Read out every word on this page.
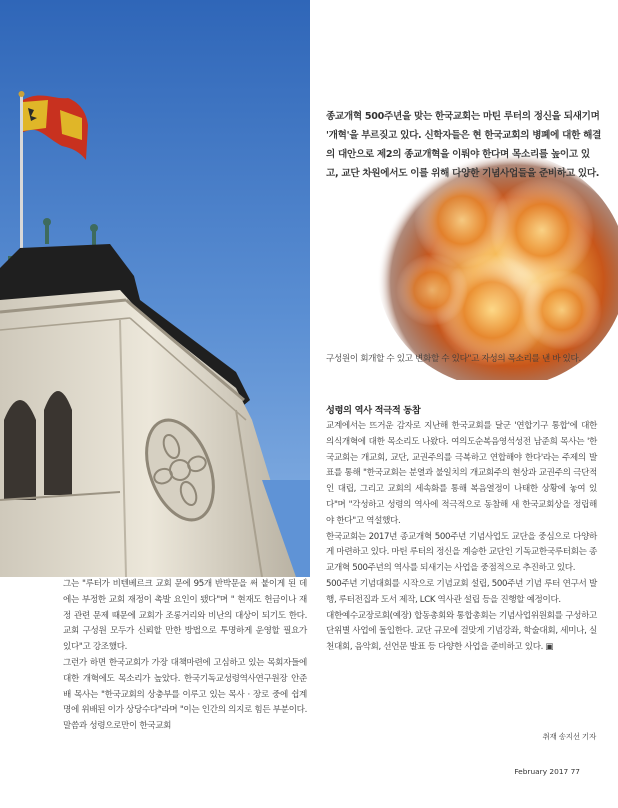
종교개혁 500주년을 맞는 한국교회는 마틴 루터의 정신을 되새기며 '개혁'을 부르짖고 있다. 신학자들은 현 한국교회의 병폐에 대한 해결의 대안으로 제2의 종교개혁을 이뤄야 한다며 목소리를 높이고 있고, 교단 차원에서도 이를 위해 다양한 기념사업들을 준비하고 있다.

그는 "루터가 비텐베르크 교회 문에 95개 반박문을 써 붙이게 된 데에는 부정한 교회 재정이 촉발 요인이 됐다"며 " 현재도 헌금이나 재정 관련 문제 때문에 교회가 조롱거리와 비난의 대상이 되기도 한다. 교회 구성원 모두가 신뢰할 만한 방법으로 투명하게 운영할 필요가 있다"고 강조했다.

그런가 하면 한국교회가 가장 대책마련에 고심하고 있는 목회자들에 대한 개혁에도 목소리가 높았다. 한국기독교성령역사연구원장 안준배 목사는 "한국교회의 상충부를 이루고 있는 목사 · 장로 중에 쉽계명에 위배된 이가 상당수다"라며 "이는 인간의 의지로 힘든 부분이다. 말씀과 성령으로만이 한국교회

구성원이 회개할 수 있고 변화할 수 있다"고 자성의 목소리를 낸 바 있다.

성령의 역사 적극적 동참

교계에서는 뜨거운 감자로 지난해 한국교회를 달군 '연합기구 통합'에 대한 의식개혁에 대한 목소리도 나왔다. 여의도순복음영석성전 남준희 목사는 '한국교회는 개교회, 교단, 교권주의를 극복하고 연합해야 한다'라는 주제의 발표를 통해 "한국교회는 분열과 불일치의 개교회주의 현상과 교권주의 극단적인 대립, 그리고 교회의 세속화를 통해 복음열정이 나태한 상황에 놓여 있다"며 "각성하고 성령의 역사에 적극적으로 동참해 새 한국교회상을 정립해야 한다"고 역설했다.

한국교회는 2017년 종교개혁 500주년 기념사업도 교단을 중심으로 다양하게 마련하고 있다. 마틴 루터의 정신을 계승한 교단인 기독교한국루터회는 종교개혁 500주년의 역사를 되새기는 사업을 중점적으로 추진하고 있다.

500주년 기념대회를 시작으로 기념교회 설립, 500주년 기념 루터 연구서 발행, 루터전집과 도서 제작, LCK 역사관 설립 등을 진행할 예정이다.

대한예수교장로회(예장) 합동총회와 통합총회는 기념사업위원회를 구성하고 단위별 사업에 돌입한다. 교단 규모에 걸맞게 기념강좌, 학술대회, 세미나, 실천대회, 음악회, 선언문 발표 등 다양한 사업을 준비하고 있다. ▣

취재 송지선 기자
February 2017 77
